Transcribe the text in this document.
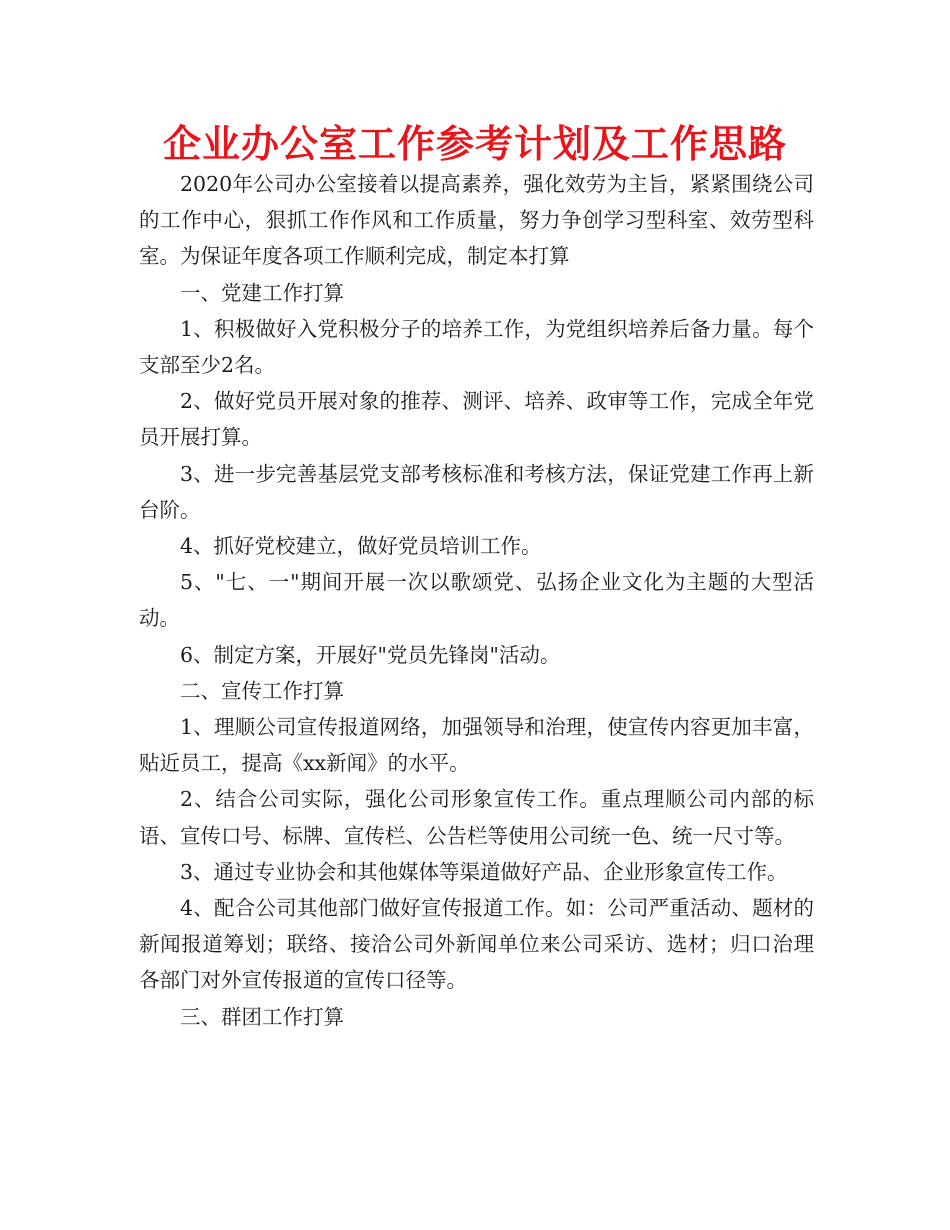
企业办公室工作参考计划及工作思路

2020年公司办公室接着以提高素养，强化效劳为主旨，紧紧围绕公司的工作中心，狠抓工作作风和工作质量，努力争创学习型科室、效劳型科室。为保证年度各项工作顺利完成，制定本打算

一、党建工作打算

1、积极做好入党积极分子的培养工作，为党组织培养后备力量。每个支部至少2名。

2、做好党员开展对象的推荐、测评、培养、政审等工作，完成全年党员开展打算。

3、进一步完善基层党支部考核标准和考核方法，保证党建工作再上新台阶。

4、抓好党校建立，做好党员培训工作。

5、"七、一"期间开展一次以歌颂党、弘扬企业文化为主题的大型活动。

6、制定方案，开展好"党员先锋岗"活动。

二、宣传工作打算

1、理顺公司宣传报道网络，加强领导和治理，使宣传内容更加丰富，贴近员工，提高《xx新闻》的水平。

2、结合公司实际，强化公司形象宣传工作。重点理顺公司内部的标语、宣传口号、标牌、宣传栏、公告栏等使用公司统一色、统一尺寸等。

3、通过专业协会和其他媒体等渠道做好产品、企业形象宣传工作。

4、配合公司其他部门做好宣传报道工作。如：公司严重活动、题材的新闻报道筹划；联络、接洽公司外新闻单位来公司采访、选材；归口治理各部门对外宣传报道的宣传口径等。

三、群团工作打算
